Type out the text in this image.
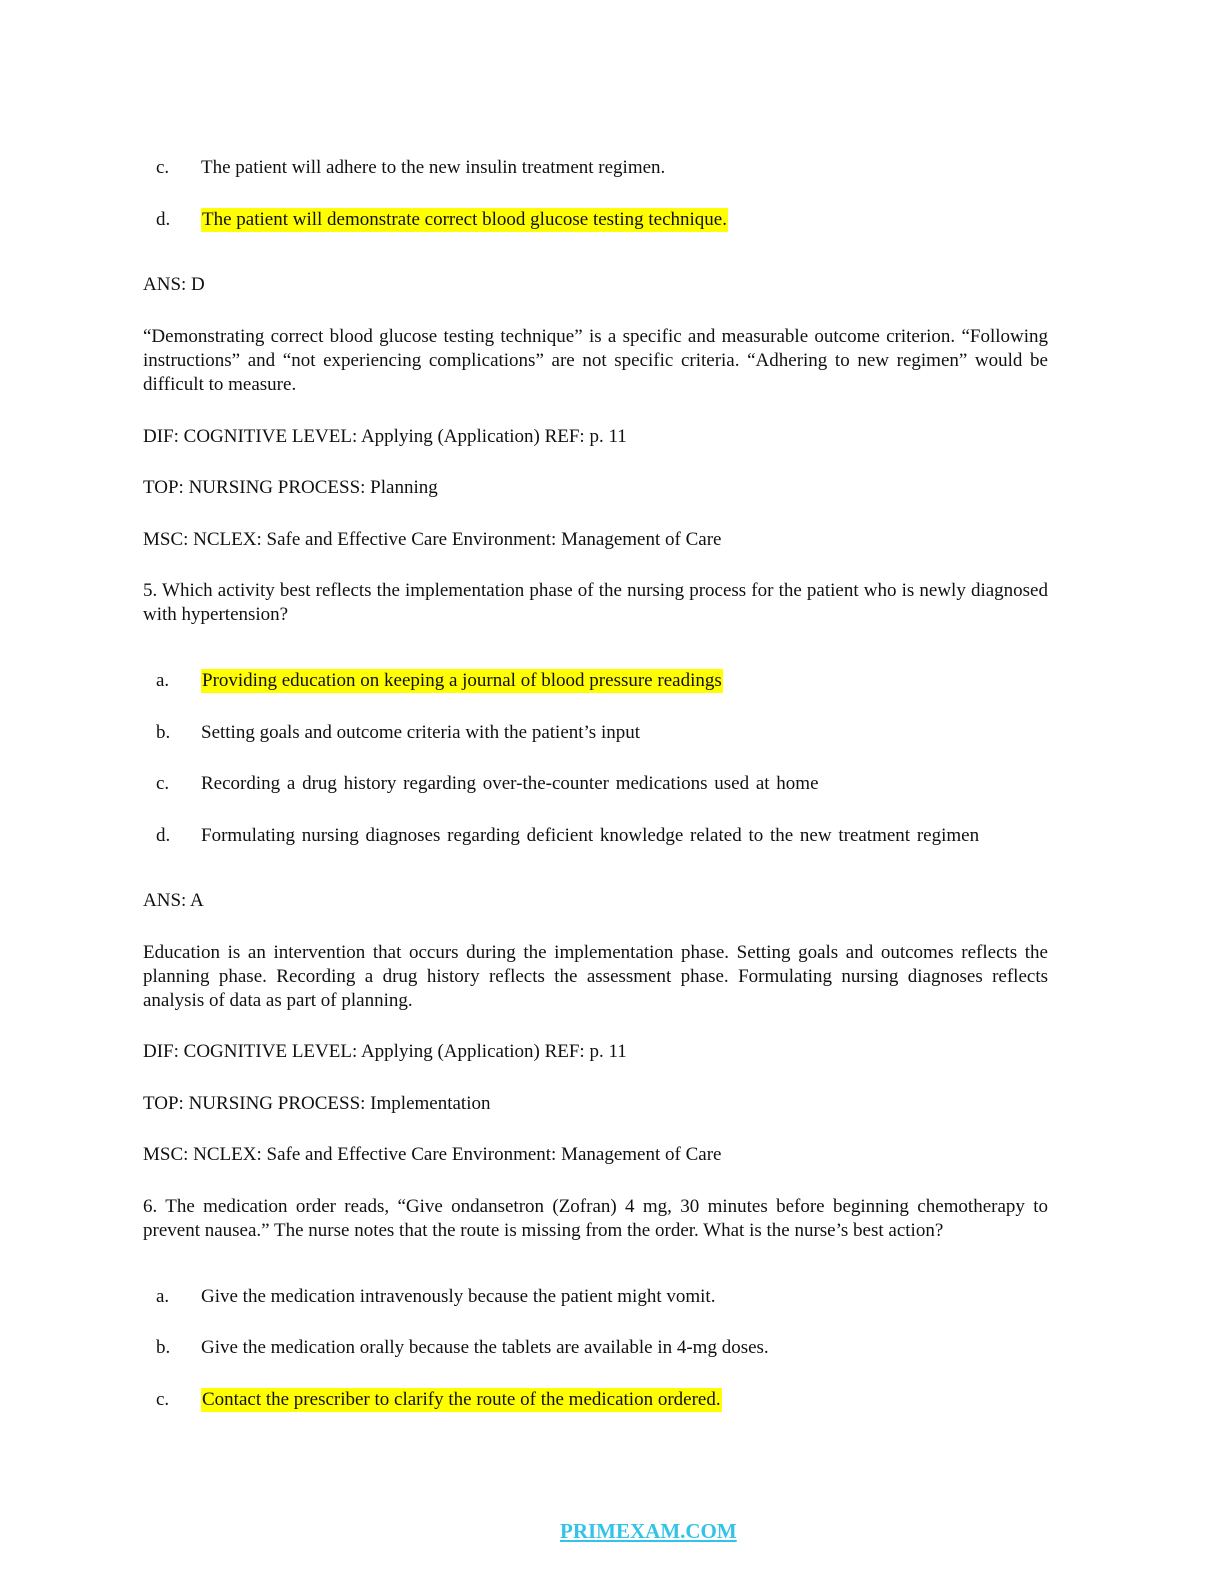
c. The patient will adhere to the new insulin treatment regimen.
d. The patient will demonstrate correct blood glucose testing technique.
ANS: D
“Demonstrating correct blood glucose testing technique” is a specific and measurable outcome criterion. “Following instructions” and “not experiencing complications” are not specific criteria. “Adhering to new regimen” would be difficult to measure.
DIF: COGNITIVE LEVEL: Applying (Application) REF: p. 11
TOP: NURSING PROCESS: Planning
MSC: NCLEX: Safe and Effective Care Environment: Management of Care
5. Which activity best reflects the implementation phase of the nursing process for the patient who is newly diagnosed with hypertension?
a. Providing education on keeping a journal of blood pressure readings
b. Setting goals and outcome criteria with the patient’s input
c. Recording a drug history regarding over-the-counter medications used at home
d. Formulating nursing diagnoses regarding deficient knowledge related to the new treatment regimen
ANS: A
Education is an intervention that occurs during the implementation phase. Setting goals and outcomes reflects the planning phase. Recording a drug history reflects the assessment phase. Formulating nursing diagnoses reflects analysis of data as part of planning.
DIF: COGNITIVE LEVEL: Applying (Application) REF: p. 11
TOP: NURSING PROCESS: Implementation
MSC: NCLEX: Safe and Effective Care Environment: Management of Care
6. The medication order reads, “Give ondansetron (Zofran) 4 mg, 30 minutes before beginning chemotherapy to prevent nausea.” The nurse notes that the route is missing from the order. What is the nurse’s best action?
a. Give the medication intravenously because the patient might vomit.
b. Give the medication orally because the tablets are available in 4-mg doses.
c. Contact the prescriber to clarify the route of the medication ordered.
PRIMEXAM.COM
